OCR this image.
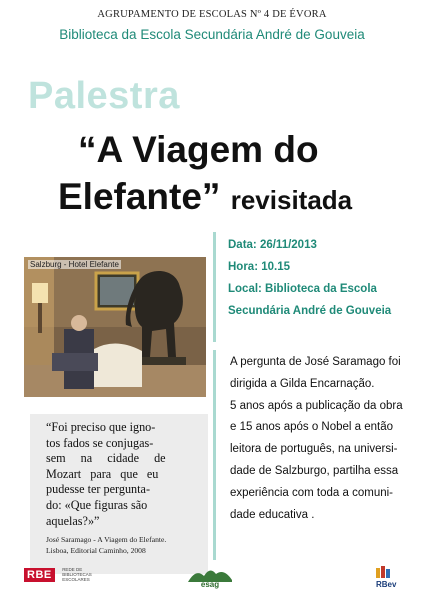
AGRUPAMENTO DE ESCOLAS Nº 4 DE ÉVORA
Biblioteca da Escola Secundária André de Gouveia
Palestra
“A Viagem do
Elefante” revisitada
Data: 26/11/2013
Hora: 10.15
Local: Biblioteca da Escola
Secundária André de Gouveia
Salzburg - Hotel Elefante
A pergunta de José Saramago foi
dirigida a Gilda Encarnação.
5 anos após a publicação da obra
e 15 anos após o Nobel a então
leitora de português, na universi-
dade de Salzburgo, partilha essa
experiência com toda a comuni-
dade educativa .
“Foi preciso que igno-
tos fados se conjugas-
sem na cidade de
Mozart para que eu
pudesse ter pergunta-
do: «Que figuras são
aquelas?»”
José Saramago - A Viagem do Elefante.
Lisboa, Editorial Caminho, 2008
RBE REDE DE
BIBLIOTECAS
ESCOLARES
esag	RBev
